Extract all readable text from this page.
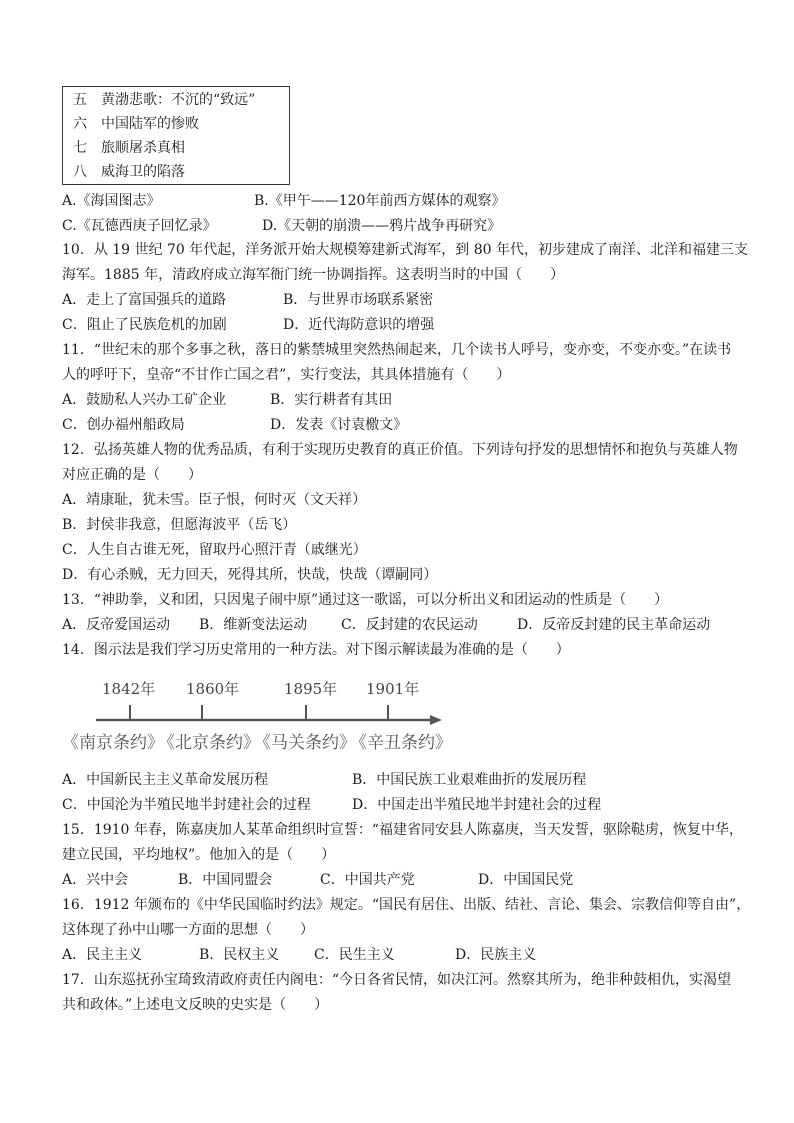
五　黄渤悲歌：不沉的“致远”
六　中国陆军的惨败
七　旅顺屠杀真相
八　威海卫的陷落
A.《海国图志》	B.《甲午——120年前西方媒体的观察》
C.《瓦德西庚子回忆录》	D.《天朝的崩溃——鸦片战争再研究》
10．从 19 世纪 70 年代起，洋务派开始大规模筹建新式海军，到 80 年代，初步建成了南洋、北洋和福建三支
海军。1885 年，清政府成立海军衙门统一协调指挥。这表明当时的中国（　　）
A．走上了富国强兵的道路	B．与世界市场联系紧密
C．阻止了民族危机的加剧	D．近代海防意识的增强
11．“世纪末的那个多事之秋，落日的紫禁城里突然热闹起来，几个读书人呼号，变亦变，不变亦变。”在读书
人的呼吁下，皇帝“不甘作亡国之君”，实行变法，其具体措施有（　　）
A．鼓励私人兴办工矿企业	B．实行耕者有其田
C．创办福州船政局	D．发表《讨袁檄文》
12．弘扬英雄人物的优秀品质，有利于实现历史教育的真正价值。下列诗句抒发的思想情怀和抱负与英雄人物
对应正确的是（　　）
A．靖康耻，犹未雪。臣子恨，何时灭（文天祥）
B．封侯非我意，但愿海波平（岳飞）
C．人生自古谁无死，留取丹心照汗青（戚继光）
D．有心杀贼，无力回天，死得其所，快哉，快哉（谭嗣同）
13．“神助拳，义和团，只因鬼子闹中原”通过这一歌谣，可以分析出义和团运动的性质是（　　）
A．反帝爱国运动 B．维新变法运动 C．反封建的农民运动	D．反帝反封建的民主革命运动
14．图示法是我们学习历史常用的一种方法。对下图示解读最为准确的是（　　）
1842年 1860年	1895年 1901年
《南京条约》
《北京条约》
《马关条约》
《辛丑条约》
A．中国新民主主义革命发展历程	B．中国民族工业艰难曲折的发展历程
C．中国沦为半殖民地半封建社会的过程	D．中国走出半殖民地半封建社会的过程
15．1910 年春，陈嘉庚加人某革命组织时宣誓：“福建省同安县人陈嘉庚，当天发誓，驱除鞑虏，恢复中华，
建立民国，平均地权”。他加入的是（　　）
A．兴中会	B．中国同盟会	C．中国共产党	D．中国国民党
16．1912 年颁布的《中华民国临时约法》规定。“国民有居住、出版、结社、言论、集会、宗教信仰等自由”，
这体现了孙中山哪一方面的思想（　　）
A．民主主义	B．民权主义 C．民生主义	D．民族主义
17．山东巡抚孙宝琦致清政府责任内阁电：“今日各省民情，如决江河。然察其所为，绝非种鼓相仇，实渴望
共和政体。”上述电文反映的史实是（　　）
